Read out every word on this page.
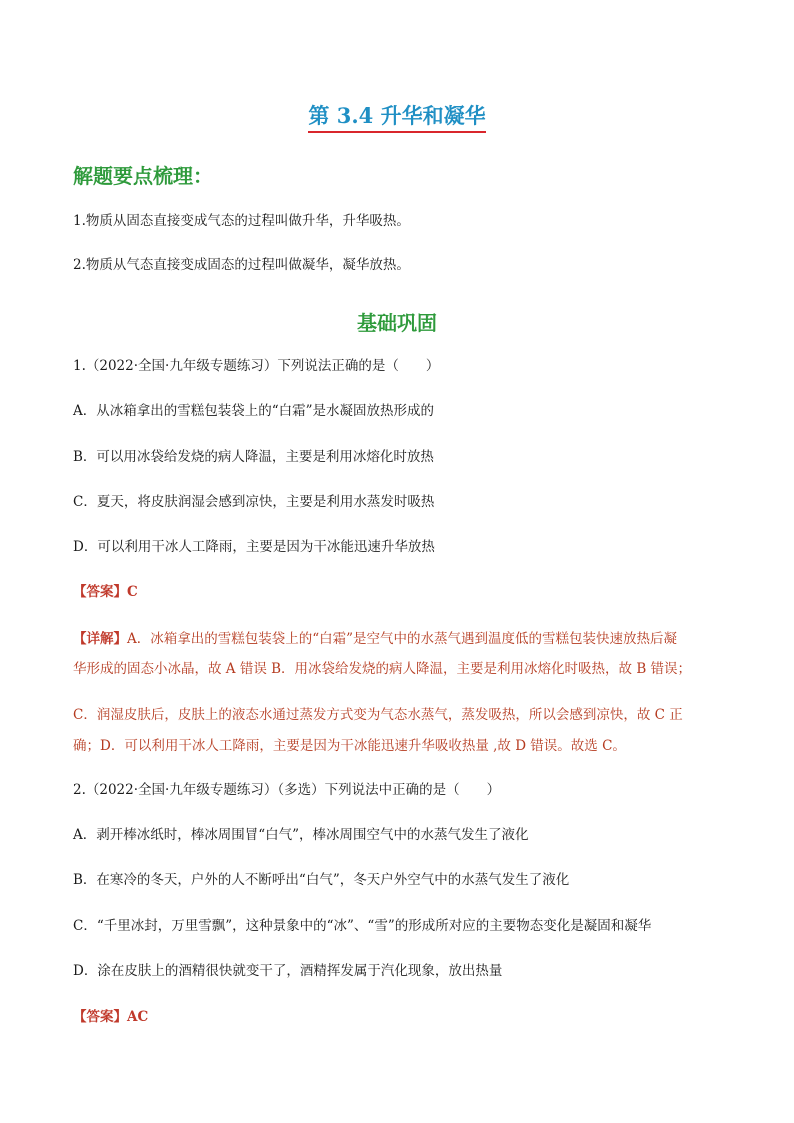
第 3.4 升华和凝华
解题要点梳理：

1.物质从固态直接变成气态的过程叫做升华，升华吸热。

2.物质从气态直接变成固态的过程叫做凝华，凝华放热。

基础巩固

1.（2022·全国·九年级专题练习）下列说法正确的是（　　）

A．从冰箱拿出的雪糕包装袋上的“白霜”是水凝固放热形成的

B．可以用冰袋给发烧的病人降温，主要是利用冰熔化时放热

C．夏天，将皮肤润湿会感到凉快，主要是利用水蒸发时吸热

D．可以利用干冰人工降雨，主要是因为干冰能迅速升华放热

【答案】C

【详解】A．冰箱拿出的雪糕包装袋上的“白霜”是空气中的水蒸气遇到温度低的雪糕包装快速放热后凝

华形成的固态小冰晶，故 A 错误 B．用冰袋给发烧的病人降温，主要是利用冰熔化时吸热，故 B 错误；

C．润湿皮肤后，皮肤上的液态水通过蒸发方式变为气态水蒸气，蒸发吸热，所以会感到凉快，故 C 正

确；D．可以利用干冰人工降雨，主要是因为干冰能迅速升华吸收热量 ,故 D 错误。故选 C。

2.（2022·全国·九年级专题练习）（多选）下列说法中正确的是（　　）

A．剥开棒冰纸时，棒冰周围冒“白气”，棒冰周围空气中的水蒸气发生了液化

B．在寒冷的冬天，户外的人不断呼出“白气”，冬天户外空气中的水蒸气发生了液化

C．“千里冰封，万里雪飘”，这种景象中的“冰”、“雪”的形成所对应的主要物态变化是凝固和凝华

D．涂在皮肤上的酒精很快就变干了，酒精挥发属于汽化现象，放出热量

【答案】AC
